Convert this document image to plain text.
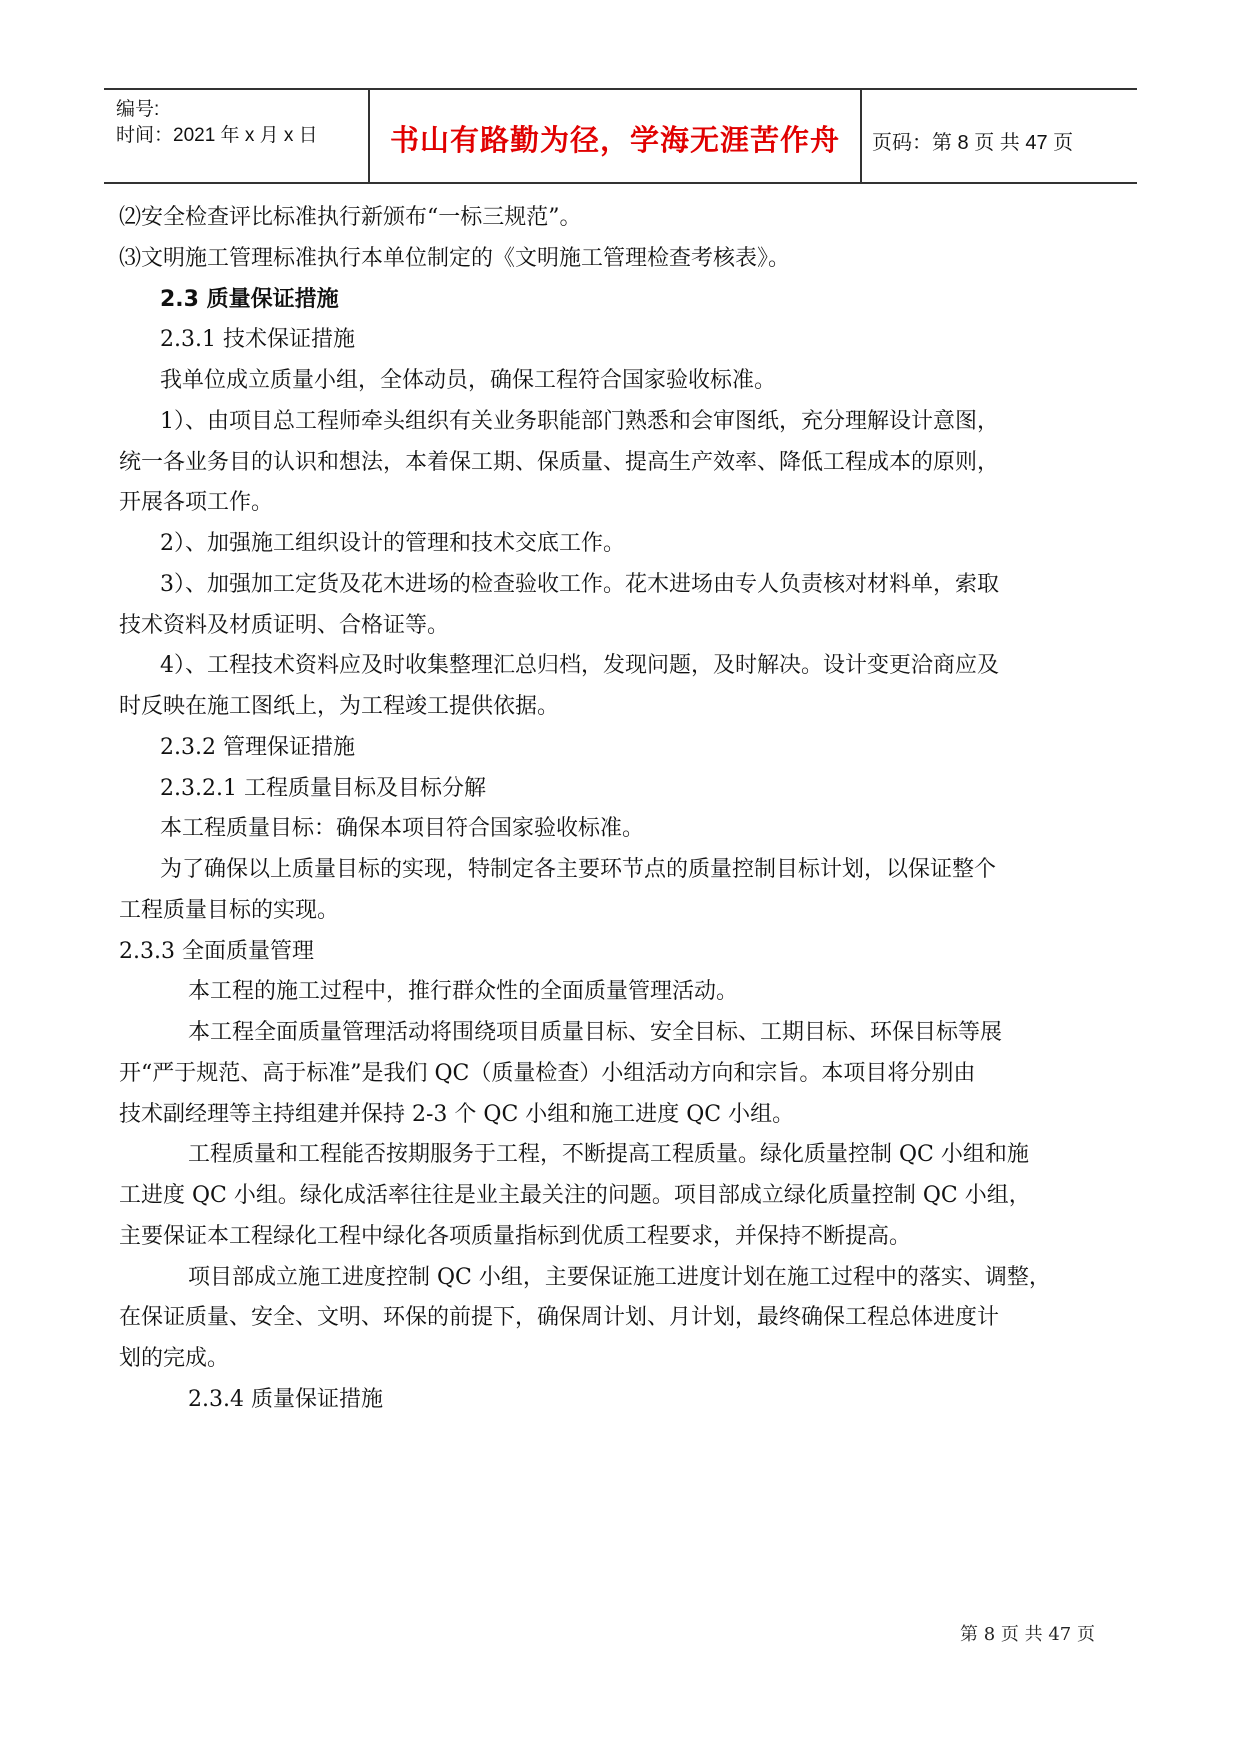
编号:
时间：2021 年 x 月 x 日	书山有路勤为径，学海无涯苦作舟	页码：第 8 页 共 47 页

⑵安全检查评比标准执行新颁布“一标三规范”。

⑶文明施工管理标准执行本单位制定的《文明施工管理检查考核表》。

2.3 质量保证措施

2.3.1 技术保证措施

我单位成立质量小组，全体动员，确保工程符合国家验收标准。

1）、由项目总工程师牵头组织有关业务职能部门熟悉和会审图纸，充分理解设计意图，

统一各业务目的认识和想法，本着保工期、保质量、提高生产效率、降低工程成本的原则，

开展各项工作。

2）、加强施工组织设计的管理和技术交底工作。

3）、加强加工定货及花木进场的检查验收工作。花木进场由专人负责核对材料单，索取

技术资料及材质证明、合格证等。

4）、工程技术资料应及时收集整理汇总归档，发现问题，及时解决。设计变更洽商应及

时反映在施工图纸上，为工程竣工提供依据。

2.3.2 管理保证措施

2.3.2.1 工程质量目标及目标分解

本工程质量目标：确保本项目符合国家验收标准。

为了确保以上质量目标的实现，特制定各主要环节点的质量控制目标计划，以保证整个

工程质量目标的实现。

2.3.3 全面质量管理

本工程的施工过程中，推行群众性的全面质量管理活动。

本工程全面质量管理活动将围绕项目质量目标、安全目标、工期目标、环保目标等展

开“严于规范、高于标准”是我们 QC（质量检查）小组活动方向和宗旨。本项目将分别由

技术副经理等主持组建并保持 2-3 个 QC 小组和施工进度 QC 小组。

工程质量和工程能否按期服务于工程，不断提高工程质量。绿化质量控制 QC 小组和施

工进度 QC 小组。绿化成活率往往是业主最关注的问题。项目部成立绿化质量控制 QC 小组，

主要保证本工程绿化工程中绿化各项质量指标到优质工程要求，并保持不断提高。

项目部成立施工进度控制 QC 小组，主要保证施工进度计划在施工过程中的落实、调整，

在保证质量、安全、文明、环保的前提下，确保周计划、月计划，最终确保工程总体进度计

划的完成。

2.3.4 质量保证措施

第 8 页 共 47 页
